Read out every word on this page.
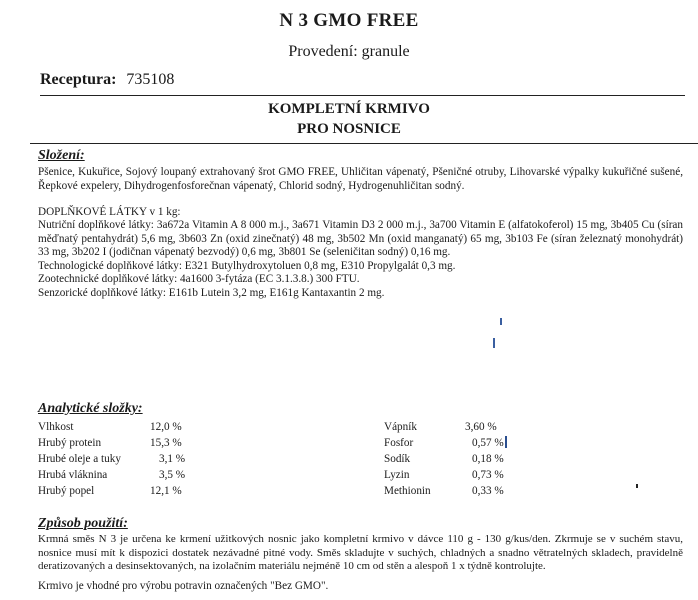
N 3 GMO FREE
Provedení: granule
Receptura: 735108
KOMPLETNÍ KRMIVO
PRO NOSNICE
Složení:
Pšenice, Kukuřice, Sojový loupaný extrahovaný šrot GMO FREE, Uhličitan vápenatý, Pšeničné otruby, Lihovarské výpalky kukuřičné sušené, Řepkové expelery, Dihydrogenfosforečnan vápenatý, Chlorid sodný, Hydrogenuhličitan sodný.
DOPLŇKOVÉ LÁTKY v 1 kg:
Nutriční doplňkové látky: 3a672a Vitamin A 8 000 m.j., 3a671 Vitamin D3 2 000 m.j., 3a700 Vitamin E (alfatokoferol) 15 mg, 3b405 Cu (síran měďnatý pentahydrát) 5,6 mg, 3b603 Zn (oxid zinečnatý) 48 mg, 3b502 Mn (oxid manganatý) 65 mg, 3b103 Fe (síran železnatý monohydrát) 33 mg, 3b202 I (jodičnan vápenatý bezvodý) 0,6 mg, 3b801 Se (seleničitan sodný) 0,16 mg.
Technologické doplňkové látky: E321 Butylhydroxytoluen 0,8 mg, E310 Propylgalát 0,3 mg.
Zootechnické doplňkové látky: 4a1600 3-fytáza (EC 3.1.3.8.) 300 FTU.
Senzorické doplňkové látky: E161b Lutein 3,2 mg, E161g Kantaxantin 2 mg.
Analytické složky:
Vlhkost	12,0 %
Hrubý protein	15,3 %
Hrubé oleje a tuky	3,1 %
Hrubá vláknina	3,5 %
Hrubý popel	12,1 %
Vápník	3,60 %
Fosfor	0,57 %
Sodík	0,18 %
Lyzin	0,73 %
Methionin	0,33 %
Způsob použití:
Krmná směs N 3 je určena ke krmení užitkových nosnic jako kompletní krmivo v dávce 110 g - 130 g/kus/den. Zkrmuje se v suchém stavu, nosnice musí mít k dispozici dostatek nezávadné pitné vody. Směs skladujte v suchých, chladných a snadno větratelných skladech, pravidelně deratizovaných a desinsektovaných, na izolačním materiálu nejméně 10 cm od stěn a alespoň 1 x týdně kontrolujte.
Krmivo je vhodné pro výrobu potravin označených "Bez GMO".
